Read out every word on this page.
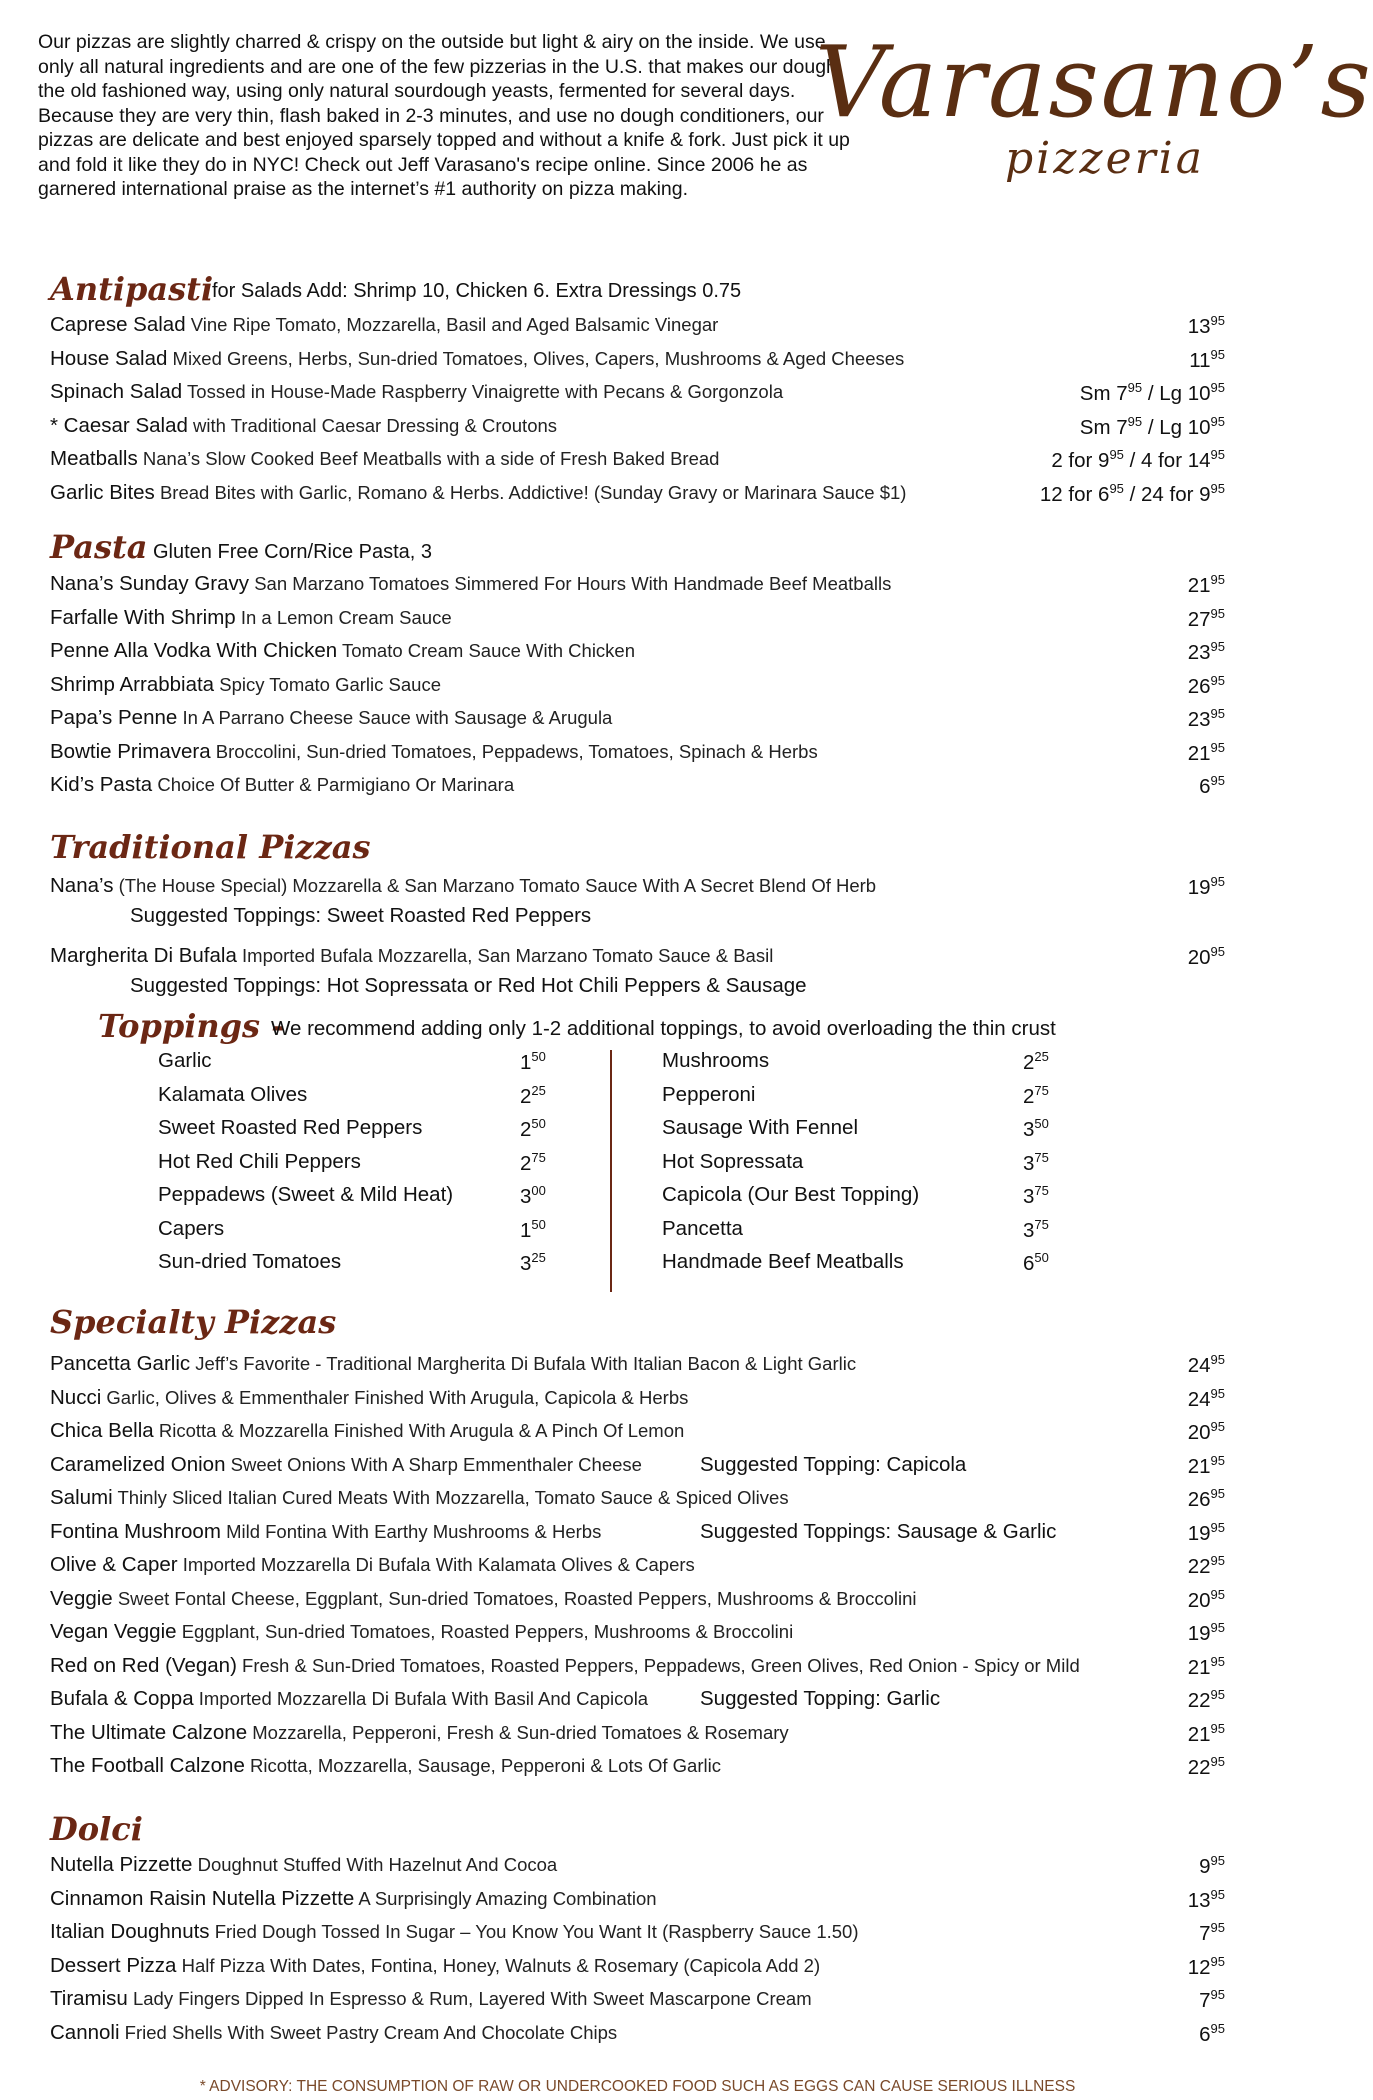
Our pizzas are slightly charred & crispy on the outside but light & airy on the inside. We use only all natural ingredients and are one of the few pizzerias in the U.S. that makes our dough the old fashioned way, using only natural sourdough yeasts, fermented for several days. Because they are very thin, flash baked in 2-3 minutes, and use no dough conditioners, our pizzas are delicate and best enjoyed sparsely topped and without a knife & fork. Just pick it up and fold it like they do in NYC! Check out Jeff Varasano's recipe online. Since 2006 he as garnered international praise as the internet’s #1 authority on pizza making.
Varasano’s
pizzeria
Antipasti
for Salads Add: Shrimp 10, Chicken 6. Extra Dressings 0.75
Caprese Salad Vine Ripe Tomato, Mozzarella, Basil and Aged Balsamic Vinegar	$13^{95}$
House Salad Mixed Greens, Herbs, Sun-dried Tomatoes, Olives, Capers, Mushrooms & Aged Cheeses	$11^{95}$
Spinach Salad Tossed in House-Made Raspberry Vinaigrette with Pecans & Gorgonzola	Sm $7^{95}$ / Lg $10^{95}$
* Caesar Salad with Traditional Caesar Dressing & Croutons	Sm $7^{95}$ / Lg $10^{95}$
Meatballs Nana’s Slow Cooked Beef Meatballs with a side of Fresh Baked Bread	2 for $9^{95} / 4$ for $14^{95}$
Garlic Bites Bread Bites with Garlic, Romano & Herbs. Addictive! (Sunday Gravy or Marinara Sauce $1)	12 for $6^{95} / 24$ for $9^{95}$
Pasta Gluten Free Corn/Rice Pasta, 3
Nana’s Sunday Gravy San Marzano Tomatoes Simmered For Hours With Handmade Beef Meatballs	$21^{95}$
Farfalle With Shrimp In a Lemon Cream Sauce	$27^{95}$
Penne Alla Vodka With Chicken Tomato Cream Sauce With Chicken	$23^{95}$
Shrimp Arrabbiata Spicy Tomato Garlic Sauce	$26^{95}$
Papa’s Penne In A Parrano Cheese Sauce with Sausage & Arugula	$23^{95}$
Bowtie Primavera Broccolini, Sun-dried Tomatoes, Peppadews, Tomatoes, Spinach & Herbs	$21^{95}$
Kid’s Pasta Choice Of Butter & Parmigiano Or Marinara	$6^{95}$
Traditional Pizzas
Nana’s (The House Special) Mozzarella & San Marzano Tomato Sauce With A Secret Blend Of Herb	$19^{95}$
Suggested Toppings: Sweet Roasted Red Peppers
Margherita Di Bufala Imported Bufala Mozzarella, San Marzano Tomato Sauce & Basil	$20^{95}$
Suggested Toppings: Hot Sopressata or Red Hot Chili Peppers & Sausage
Toppings -
We recommend adding only 1-2 additional toppings, to avoid overloading the thin crust
Garlic	$1^{50}$
Kalamata Olives	$2^{25}$
Sweet Roasted Red Peppers	$2^{50}$
Hot Red Chili Peppers	$2^{75}$
Peppadews (Sweet & Mild Heat)	$3^{00}$
Capers	$1^{50}$
Sun-dried Tomatoes	$3^{25}$
Mushrooms	$2^{25}$
Pepperoni	$2^{75}$
Sausage With Fennel	$3^{50}$
Hot Sopressata	$3^{75}$
Capicola (Our Best Topping)	$3^{75}$
Pancetta	$3^{75}$
Handmade Beef Meatballs	$6^{50}$
Specialty Pizzas
Pancetta Garlic Jeff’s Favorite - Traditional Margherita Di Bufala With Italian Bacon & Light Garlic	$24^{95}$
Nucci Garlic, Olives & Emmenthaler Finished With Arugula, Capicola & Herbs	$24^{95}$
Chica Bella Ricotta & Mozzarella Finished With Arugula & A Pinch Of Lemon	$20^{95}$
Caramelized Onion Sweet Onions With A Sharp Emmenthaler Cheese	Suggested Topping: Capicola	$21^{95}$
Salumi Thinly Sliced Italian Cured Meats With Mozzarella, Tomato Sauce & Spiced Olives	$26^{95}$
Fontina Mushroom Mild Fontina With Earthy Mushrooms & Herbs	Suggested Toppings: Sausage & Garlic	$19^{95}$
Olive & Caper Imported Mozzarella Di Bufala With Kalamata Olives & Capers	$22^{95}$
Veggie Sweet Fontal Cheese, Eggplant, Sun-dried Tomatoes, Roasted Peppers, Mushrooms & Broccolini	$20^{95}$
Vegan Veggie Eggplant, Sun-dried Tomatoes, Roasted Peppers, Mushrooms & Broccolini	$19^{95}$
Red on Red (Vegan) Fresh & Sun-Dried Tomatoes, Roasted Peppers, Peppadews, Green Olives, Red Onion - Spicy or Mild	$21^{95}$
Bufala & Coppa Imported Mozzarella Di Bufala With Basil And Capicola	Suggested Topping: Garlic	$22^{95}$
The Ultimate Calzone Mozzarella, Pepperoni, Fresh & Sun-dried Tomatoes & Rosemary	$21^{95}$
The Football Calzone Ricotta, Mozzarella, Sausage, Pepperoni & Lots Of Garlic	$22^{95}$
Dolci
Nutella Pizzette Doughnut Stuffed With Hazelnut And Cocoa	$9^{95}$
Cinnamon Raisin Nutella Pizzette A Surprisingly Amazing Combination	$13^{95}$
Italian Doughnuts Fried Dough Tossed In Sugar – You Know You Want It (Raspberry Sauce 1.50)	$7^{95}$
Dessert Pizza Half Pizza With Dates, Fontina, Honey, Walnuts & Rosemary (Capicola Add 2)	$12^{95}$
Tiramisu Lady Fingers Dipped In Espresso & Rum, Layered With Sweet Mascarpone Cream	$7^{95}$
Cannoli Fried Shells With Sweet Pastry Cream And Chocolate Chips	$6^{95}$
* ADVISORY: THE CONSUMPTION OF RAW OR UNDERCOOKED FOOD SUCH AS EGGS CAN CAUSE SERIOUS ILLNESS
